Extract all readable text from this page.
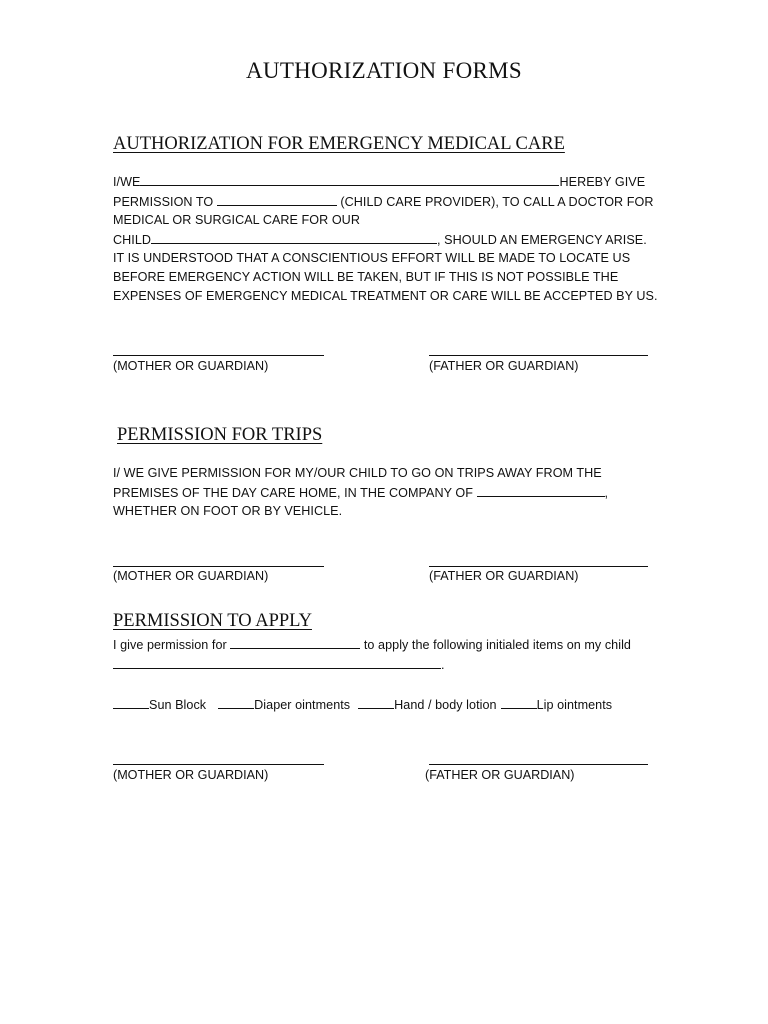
AUTHORIZATION FORMS
AUTHORIZATION FOR EMERGENCY MEDICAL CARE
I/WE	HEREBY GIVE
PERMISSION TO	(CHILD CARE PROVIDER), TO CALL A DOCTOR FOR
MEDICAL OR SURGICAL CARE FOR OUR
CHILD	, SHOULD AN EMERGENCY ARISE.
IT IS UNDERSTOOD THAT A CONSCIENTIOUS EFFORT WILL BE MADE TO LOCATE US
BEFORE EMERGENCY ACTION WILL BE TAKEN, BUT IF THIS IS NOT POSSIBLE THE
EXPENSES OF EMERGENCY MEDICAL TREATMENT OR CARE WILL BE ACCEPTED BY US.
(MOTHER OR GUARDIAN)	(FATHER OR GUARDIAN)
PERMISSION FOR TRIPS
I/ WE GIVE PERMISSION FOR MY/OUR CHILD TO GO ON TRIPS AWAY FROM THE
PREMISES OF THE DAY CARE HOME, IN THE COMPANY OF	,
WHETHER ON FOOT OR BY VEHICLE.
(MOTHER OR GUARDIAN)	(FATHER OR GUARDIAN)
PERMISSION TO APPLY
I give permission for	to apply the following initialed items on my child
.
Sun Block	Diaper ointments	Hand / body lotion	Lip ointments
(MOTHER OR GUARDIAN)	(FATHER OR GUARDIAN)
